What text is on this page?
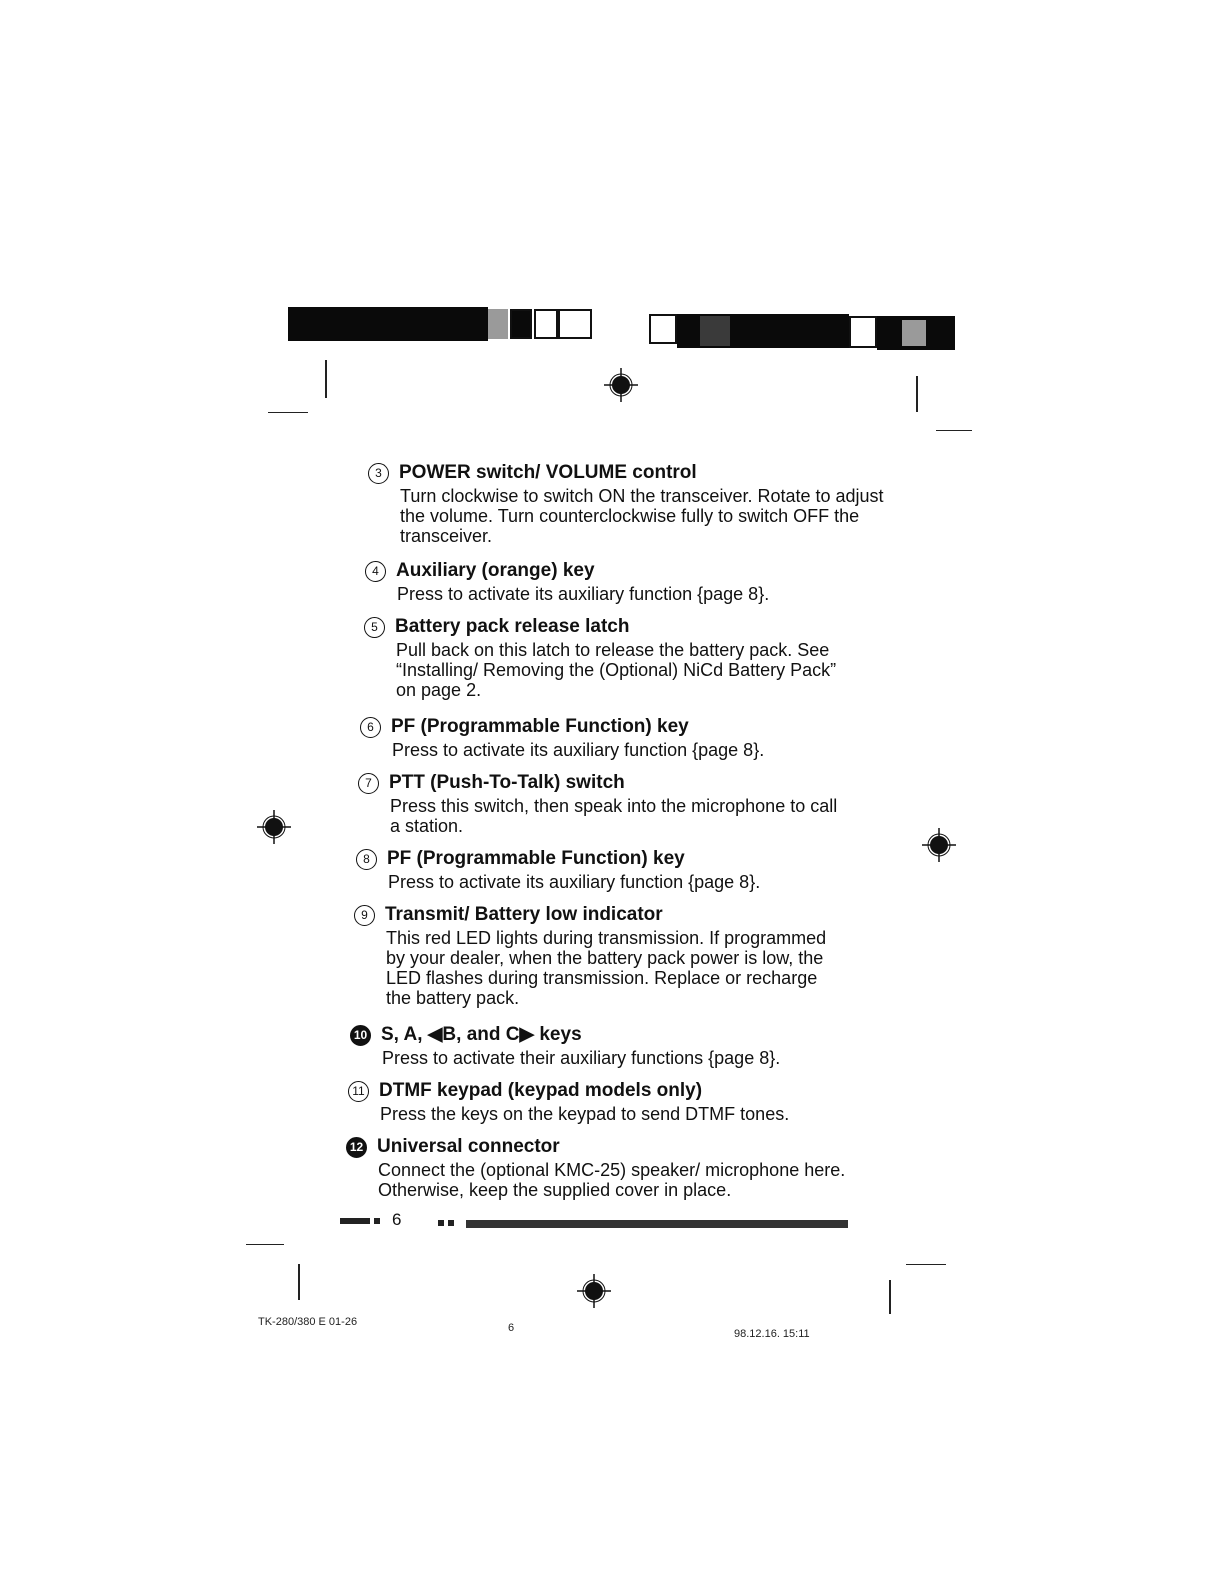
3 POWER switch/ VOLUME control
Turn clockwise to switch ON the transceiver. Rotate to adjust the volume. Turn counterclockwise fully to switch OFF the transceiver.
4 Auxiliary (orange) key
Press to activate its auxiliary function {page 8}.
5 Battery pack release latch
Pull back on this latch to release the battery pack. See “Installing/ Removing the (Optional) NiCd Battery Pack” on page 2.
6 PF (Programmable Function) key
Press to activate its auxiliary function {page 8}.
7 PTT (Push-To-Talk) switch
Press this switch, then speak into the microphone to call a station.
8 PF (Programmable Function) key
Press to activate its auxiliary function {page 8}.
9 Transmit/ Battery low indicator
This red LED lights during transmission. If programmed by your dealer, when the battery pack power is low, the LED flashes during transmission. Replace or recharge the battery pack.
10 S, A, ◀B, and C▶ keys
Press to activate their auxiliary functions {page 8}.
11 DTMF keypad (keypad models only)
Press the keys on the keypad to send DTMF tones.
12 Universal connector
Connect the (optional KMC-25) speaker/ microphone here. Otherwise, keep the supplied cover in place.
6
TK-280/380 E 01-26	6	98.12.16. 15:11
